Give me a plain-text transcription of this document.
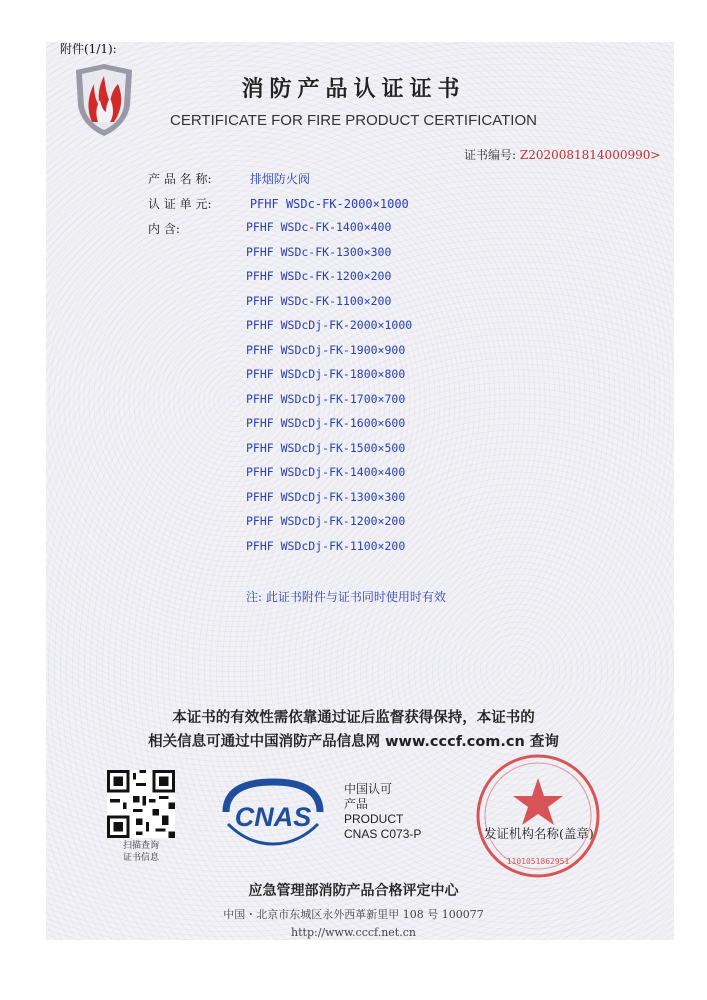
附件(1/1):
消防产品认证证书
CERTIFICATE FOR FIRE PRODUCT CERTIFICATION
证书编号: Z2020081814000990>
产 品 名 称:	排烟防火阀
认 证 单 元:	PFHF WSDc-FK-2000×1000
内 含:	PFHF WSDc-FK-1400×400
PFHF WSDc-FK-1300×300
PFHF WSDc-FK-1200×200
PFHF WSDc-FK-1100×200
PFHF WSDcDj-FK-2000×1000
PFHF WSDcDj-FK-1900×900
PFHF WSDcDj-FK-1800×800
PFHF WSDcDj-FK-1700×700
PFHF WSDcDj-FK-1600×600
PFHF WSDcDj-FK-1500×500
PFHF WSDcDj-FK-1400×400
PFHF WSDcDj-FK-1300×300
PFHF WSDcDj-FK-1200×200
PFHF WSDcDj-FK-1100×200
注: 此证书附件与证书同时使用时有效
本证书的有效性需依靠通过证后监督获得保持，本证书的
相关信息可通过中国消防产品信息网 www.cccf.com.cn 查询
扫描查询
证书信息
CNAS
中国认可
产品
PRODUCT
CNAS C073-P
1101051862951
发证机构名称(盖章)
应急管理部消防产品合格评定中心
中国・北京市东城区永外西革新里甲 108 号 100077
http://www.cccf.net.cn
